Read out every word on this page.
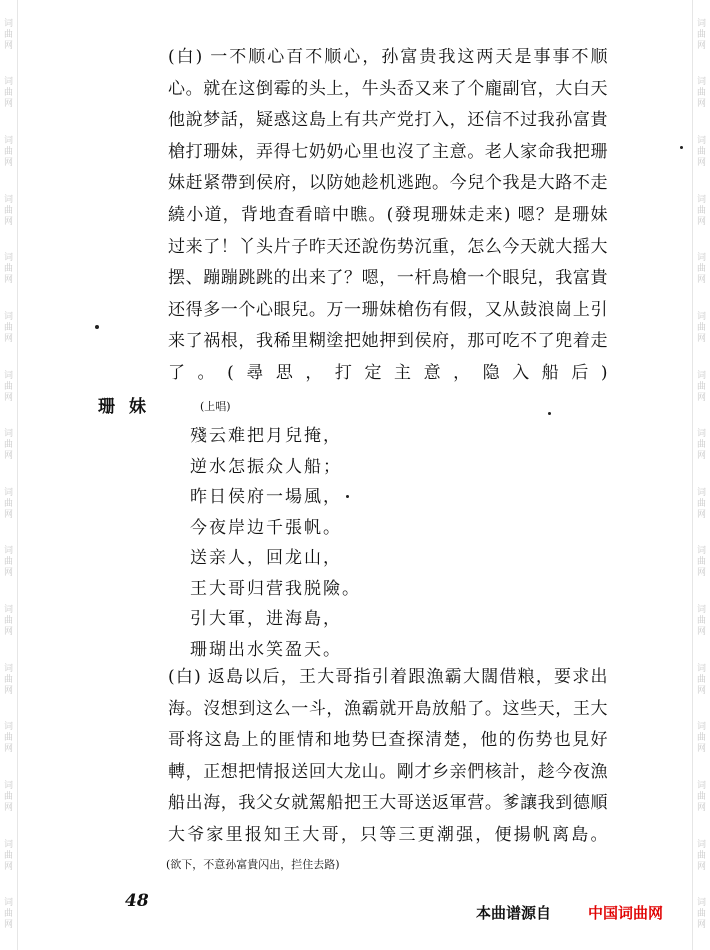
词
曲
网
词
曲
网
词
曲
网
词
曲
网
词
曲
网
词
曲
网
词
曲
网
词
曲
网
词
曲
网
词
曲
网
词
曲
网
词
曲
网
词
曲
网
词
曲
网
词
曲
网
词
曲
网
词
曲
网
词
曲
网
词
曲
网
词
曲
网
词
曲
网
词
曲
网
词
曲
网
词
曲
网
词
曲
网
词
曲
网
词
曲
网
词
曲
网
词
曲
网
词
曲
网
词
曲
网
词
曲
网
(白) 一不顺心百不顺心，孙富贵我这两天是事事不顺心。就在这倒霉的头上，牛头岙又来了个龐副官，大白天他說梦話，疑惑这島上有共产党打入，还信不过我孙富貴槍打珊妹，弄得七奶奶心里也沒了主意。老人家命我把珊妹赶紧帶到侯府，以防她趁机逃跑。今兒个我是大路不走繞小道，背地査看暗中瞧。(發現珊妹走来) 嗯？是珊妹过来了！丫头片子昨天还說伤势沉重，怎么今天就大摇大摆、蹦蹦跳跳的出来了？嗯，一杆鳥槍一个眼兒，我富貴还得多一个心眼兒。万一珊妹槍伤有假，又从鼓浪崗上引来了祸根，我稀里糊塗把她押到侯府，那可吃不了兜着走了。(尋思，打定主意，隐入船后)
珊妹	(上唱)
殘云难把月兒掩，
逆水怎振众人船；
昨日侯府一場風，
今夜岸边千張帆。
送亲人，回龙山，
王大哥归营我脱險。
引大軍，进海島，
珊瑚出水笑盈天。
(白) 返島以后，王大哥指引着跟漁霸大闊借粮，要求出海。沒想到这么一斗，漁霸就开島放船了。这些天，王大哥将这島上的匪情和地势巳查探清楚，他的伤势也見好轉，正想把情报送回大龙山。剛才乡亲們核計，趁今夜漁船出海，我父女就駕船把王大哥送返軍营。爹讓我到德順大爷家里报知王大哥，只等三更潮强，便揚帆离島。
(欲下，不意孙富貴闪出，拦住去路)
48
本曲谱源自 中国词曲网
